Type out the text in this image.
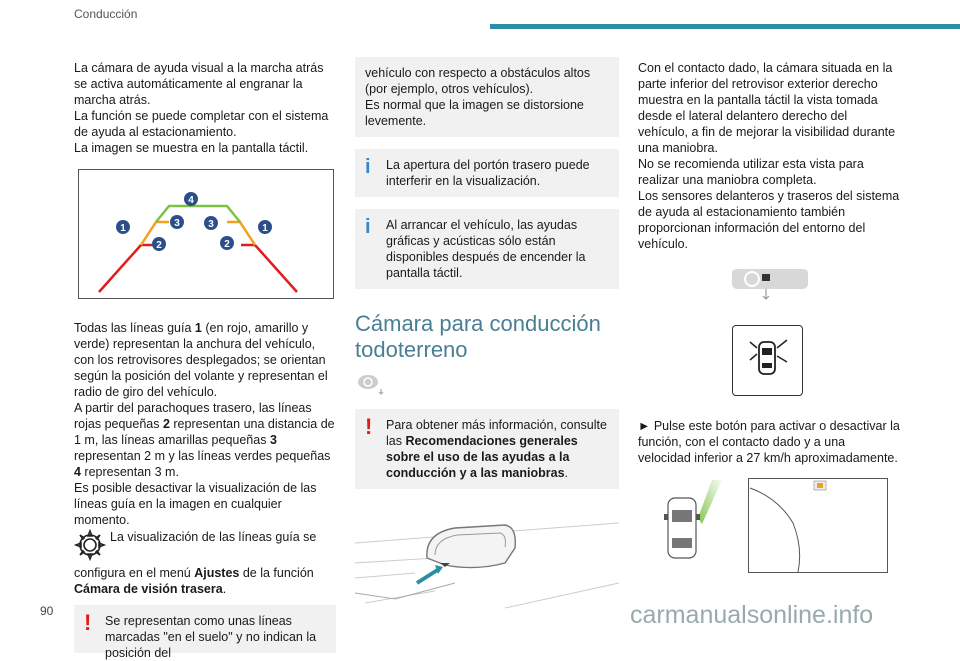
Conducción

La cámara de ayuda visual a la marcha atrás se activa automáticamente al engranar la marcha atrás.

La función se puede completar con el sistema de ayuda al estacionamiento.

La imagen se muestra en la pantalla táctil.

1
2
3
4
3
2
1

Todas las líneas guía 1 (en rojo, amarillo y verde) representan la anchura del vehículo, con los retrovisores desplegados; se orientan según la posición del volante y representan el radio de giro del vehículo.

A partir del parachoques trasero, las líneas rojas pequeñas 2 representan una distancia de 1 m, las líneas amarillas pequeñas 3 representan 2 m y las líneas verdes pequeñas 4 representan 3 m.

Es posible desactivar la visualización de las líneas guía en la imagen en cualquier momento.

La visualización de las líneas guía se configura en el menú Ajustes de la función Cámara de visión trasera.

! Se representan como unas líneas marcadas "en el suelo" y no indican la posición del

vehículo con respecto a obstáculos altos (por ejemplo, otros vehículos).

Es normal que la imagen se distorsione levemente.

i La apertura del portón trasero puede interferir en la visualización.
i Al arrancar el vehículo, las ayudas gráficas y acústicas sólo están disponibles después de encender la pantalla táctil.
Cámara para conducción todoterreno
! Para obtener más información, consulte las Recomendaciones generales sobre el uso de las ayudas a la conducción y a las maniobras.

Con el contacto dado, la cámara situada en la parte inferior del retrovisor exterior derecho muestra en la pantalla táctil la vista tomada desde el lateral delantero derecho del vehículo, a fin de mejorar la visibilidad durante una maniobra.

No se recomienda utilizar esta vista para realizar una maniobra completa.

Los sensores delanteros y traseros del sistema de ayuda al estacionamiento también proporcionan información del entorno del vehículo.

► Pulse este botón para activar o desactivar la función, con el contacto dado y a una velocidad inferior a 27 km/h aproximadamente.

90	carmanualsonline.info
